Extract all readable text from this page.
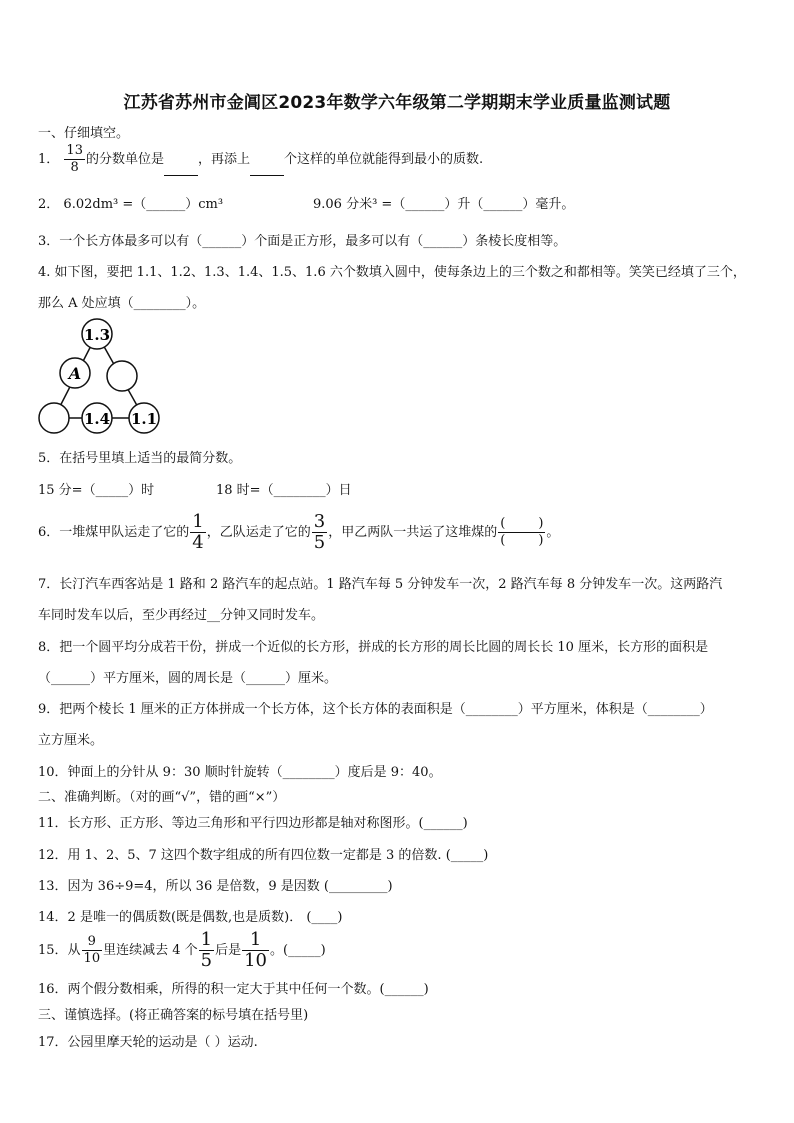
江苏省苏州市金阊区2023年数学六年级第二学期期末学业质量监测试题
一、仔细填空。
1． $\frac{13}{8}$ 的分数单位是	，再添上	个这样的单位就能得到最小的质数.
2． 6.02dm³ =（______）cm³	9.06 分米³ =（______）升（______）毫升。
3．一个长方体最多可以有（______）个面是正方形，最多可以有（______）条棱长度相等。
4. 如下图，要把 1.1、1.2、1.3、1.4、1.5、1.6 六个数填入圆中，使每条边上的三个数之和都相等。笑笑已经填了三个，
那么 A 处应填（________）。
1.3
A
1.4 1.1
5．在括号里填上适当的最简分数。
15 分=（_____）时	18 时=（________）日
6．一堆煤甲队运走了它的 $\frac{1}{4}$ ，乙队运走了它的 $\frac{3}{5}$ ，甲乙两队一共运了这堆煤的 $\frac{( )}{( )}$ 。
7．长汀汽车西客站是 1 路和 2 路汽车的起点站。1 路汽车每 5 分钟发车一次，2 路汽车每 8 分钟发车一次。这两路汽
车同时发车以后，至少再经过__分钟又同时发车。
8．把一个圆平均分成若干份，拼成一个近似的长方形，拼成的长方形的周长比圆的周长长 10 厘米，长方形的面积是
（______）平方厘米，圆的周长是（______）厘米。
9．把两个棱长 1 厘米的正方体拼成一个长方体，这个长方体的表面积是（________）平方厘米，体积是（________）
立方厘米。
10．钟面上的分针从 9：30 顺时针旋转（________）度后是 9：40。
二、准确判断。（对的画“√”，错的画“×”）
11．长方形、正方形、等边三角形和平行四边形都是轴对称图形。(______)
12．用 1、2、5、7 这四个数字组成的所有四位数一定都是 3 的倍数. (_____)
13．因为 36÷9=4，所以 36 是倍数，9 是因数 (_________)
14．2 是唯一的偶质数(既是偶数,也是质数)． (____)
15．从 $\frac{9}{10}$ 里连续减去 4 个 $\frac{1}{5}$ 后是 $\frac{1}{10}$ 。(_____)
16．两个假分数相乘，所得的积一定大于其中任何一个数。(______)
三、谨慎选择。(将正确答案的标号填在括号里)
17．公园里摩天轮的运动是（ ）运动.
